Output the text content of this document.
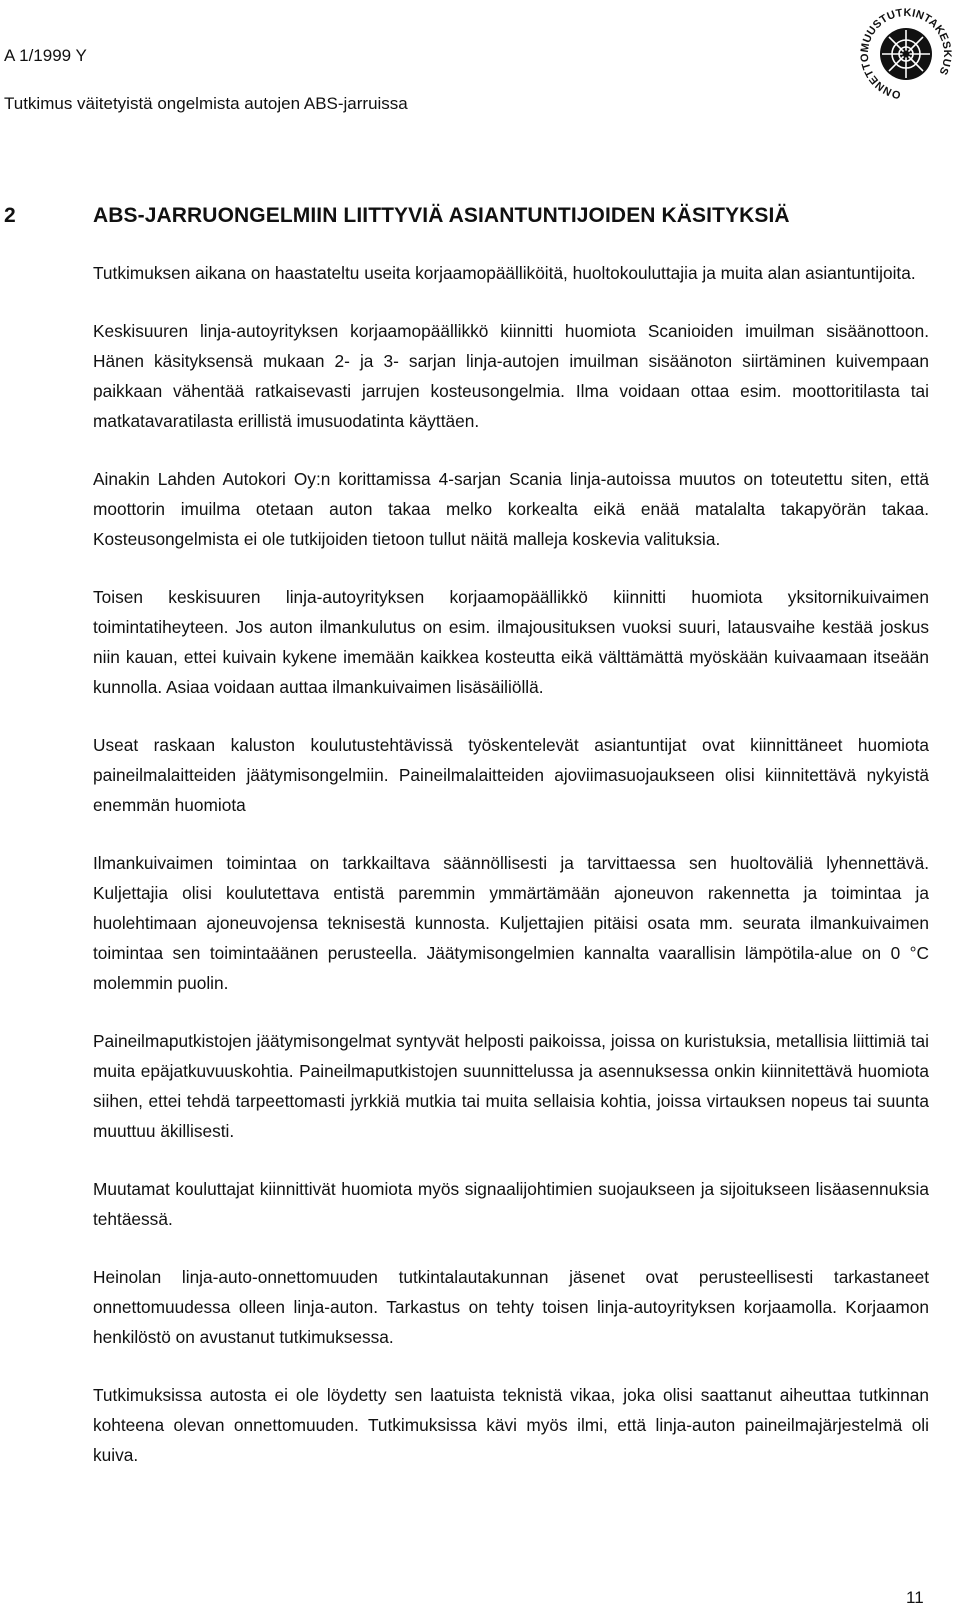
A 1/1999 Y
Tutkimus väitetyistä ongelmista autojen ABS-jarruissa
ONNETTOMUUSTUTKINTAKESKUS
2	ABS-JARRUONGELMIIN LIITTYVIÄ ASIANTUNTIJOIDEN KÄSITYKSIÄ

Tutkimuksen aikana on haastateltu useita korjaamopäälliköitä, huoltokouluttajia ja muita alan asiantuntijoita.

Keskisuuren linja-autoyrityksen korjaamopäällikkö kiinnitti huomiota Scanioiden imuilman sisäänottoon. Hänen käsityksensä mukaan 2- ja 3- sarjan linja-autojen imuilman sisäänoton siirtäminen kuivempaan paikkaan vähentää ratkaisevasti jarrujen kosteusongelmia. Ilma voidaan ottaa esim. moottoritilasta tai matkatavaratilasta erillistä imusuodatinta käyttäen.

Ainakin Lahden Autokori Oy:n korittamissa 4-sarjan Scania linja-autoissa muutos on toteutettu siten, että moottorin imuilma otetaan auton takaa melko korkealta eikä enää matalalta takapyörän takaa. Kosteusongelmista ei ole tutkijoiden tietoon tullut näitä malleja koskevia valituksia.

Toisen keskisuuren linja-autoyrityksen korjaamopäällikkö kiinnitti huomiota yksitornikuivaimen toimintatiheyteen. Jos auton ilmankulutus on esim. ilmajousituksen vuoksi suuri, latausvaihe kestää joskus niin kauan, ettei kuivain kykene imemään kaikkea kosteutta eikä välttämättä myöskään kuivaamaan itseään kunnolla. Asiaa voidaan auttaa ilmankuivaimen lisäsäiliöllä.

Useat raskaan kaluston koulutustehtävissä työskentelevät asiantuntijat ovat kiinnittäneet huomiota paineilmalaitteiden jäätymisongelmiin. Paineilmalaitteiden ajoviimasuojaukseen olisi kiinnitettävä nykyistä enemmän huomiota

Ilmankuivaimen toimintaa on tarkkailtava säännöllisesti ja tarvittaessa sen huoltoväliä lyhennettävä. Kuljettajia olisi koulutettava entistä paremmin ymmärtämään ajoneuvon rakennetta ja toimintaa ja huolehtimaan ajoneuvojensa teknisestä kunnosta. Kuljettajien pitäisi osata mm. seurata ilmankuivaimen toimintaa sen toimintaäänen perusteella. Jäätymisongelmien kannalta vaarallisin lämpötila-alue on 0 °C molemmin puolin.

Paineilmaputkistojen jäätymisongelmat syntyvät helposti paikoissa, joissa on kuristuksia, metallisia liittimiä tai muita epäjatkuvuuskohtia. Paineilmaputkistojen suunnittelussa ja asennuksessa onkin kiinnitettävä huomiota siihen, ettei tehdä tarpeettomasti jyrkkiä mutkia tai muita sellaisia kohtia, joissa virtauksen nopeus tai suunta muuttuu äkillisesti.

Muutamat kouluttajat kiinnittivät huomiota myös signaalijohtimien suojaukseen ja sijoitukseen lisäasennuksia tehtäessä.

Heinolan linja-auto-onnettomuuden tutkintalautakunnan jäsenet ovat perusteellisesti tarkastaneet onnettomuudessa olleen linja-auton. Tarkastus on tehty toisen linja-autoyrityksen korjaamolla. Korjaamon henkilöstö on avustanut tutkimuksessa.

Tutkimuksissa autosta ei ole löydetty sen laatuista teknistä vikaa, joka olisi saattanut aiheuttaa tutkinnan kohteena olevan onnettomuuden. Tutkimuksissa kävi myös ilmi, että linja-auton paineilmajärjestelmä oli kuiva.

11
